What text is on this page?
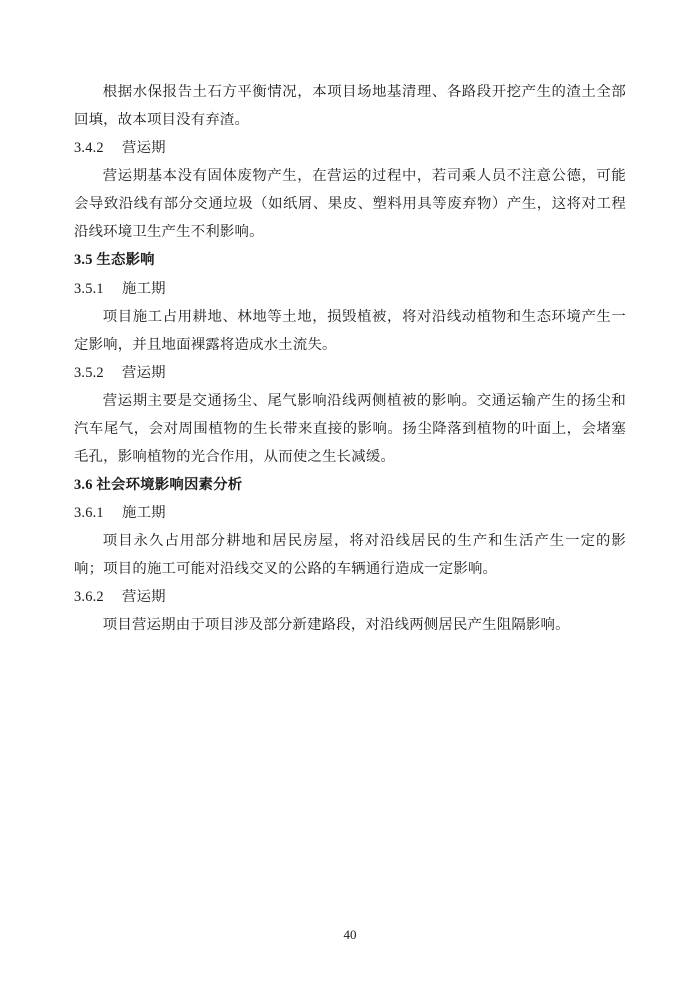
根据水保报告土石方平衡情况，本项目场地基清理、各路段开挖产生的渣土全部回填，故本项目没有弃渣。

3.4.2 营运期

营运期基本没有固体废物产生，在营运的过程中，若司乘人员不注意公德，可能会导致沿线有部分交通垃圾（如纸屑、果皮、塑料用具等废弃物）产生，这将对工程沿线环境卫生产生不利影响。

3.5 生态影响

3.5.1 施工期

项目施工占用耕地、林地等土地，损毁植被，将对沿线动植物和生态环境产生一定影响，并且地面裸露将造成水土流失。

3.5.2 营运期

营运期主要是交通扬尘、尾气影响沿线两侧植被的影响。交通运输产生的扬尘和汽车尾气，会对周围植物的生长带来直接的影响。扬尘降落到植物的叶面上，会堵塞毛孔，影响植物的光合作用，从而使之生长减缓。

3.6 社会环境影响因素分析

3.6.1 施工期

项目永久占用部分耕地和居民房屋，将对沿线居民的生产和生活产生一定的影响；项目的施工可能对沿线交叉的公路的车辆通行造成一定影响。

3.6.2 营运期

项目营运期由于项目涉及部分新建路段，对沿线两侧居民产生阻隔影响。

40
